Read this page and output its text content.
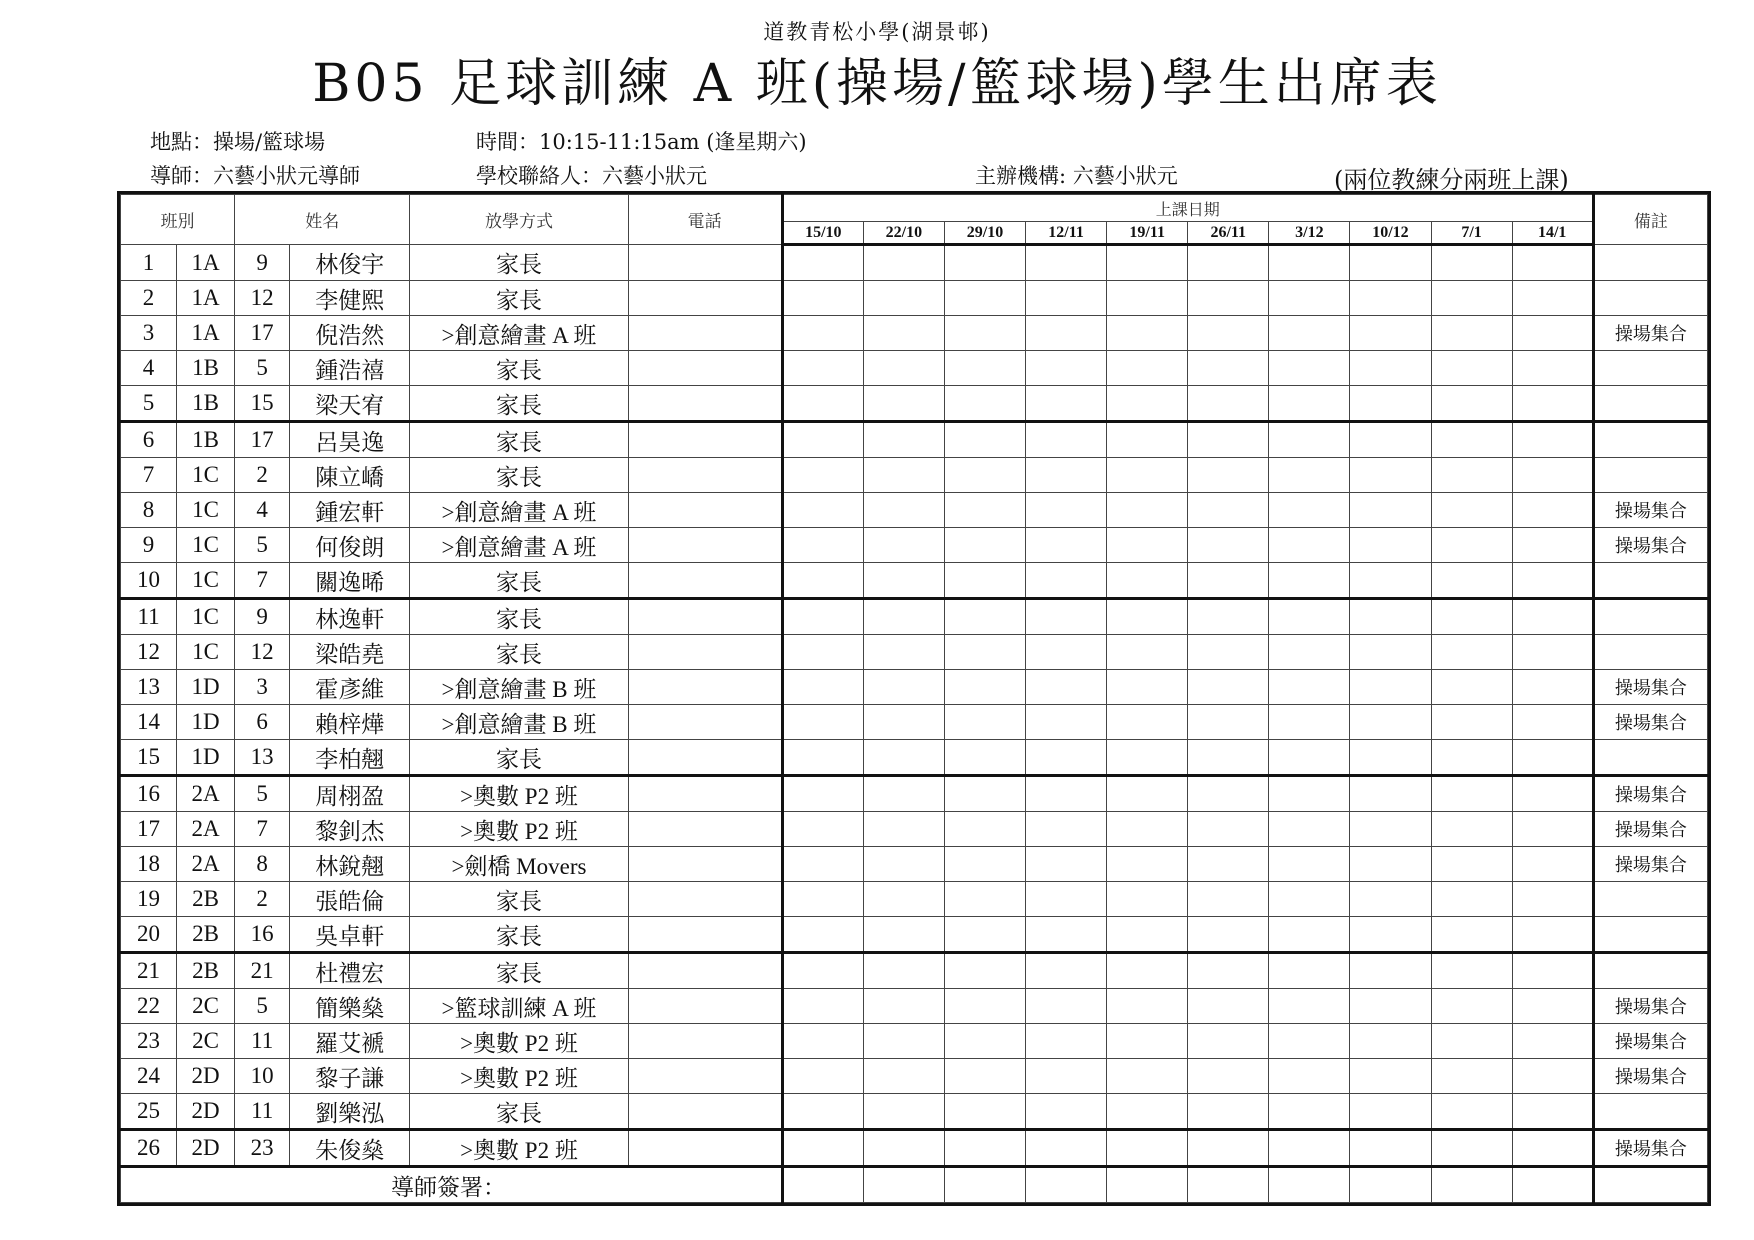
道教青松小學(湖景邨)
B05 足球訓練 A 班(操場/籃球場)學生出席表
地點：操場/籃球場	時間：10:15-11:15am (逢星期六)
導師：六藝小狀元導師	學校聯絡人：六藝小狀元	主辦機構: 六藝小狀元	(兩位教練分兩班上課)
班別		姓名		放學方式	電話	上課日期										備註
						15/10	22/10	29/10	12/11	19/11	26/11	3/12	10/12	7/1	14/1	
1	1A	9	林俊宇	家長												
2	1A	12	李健熙	家長												
3	1A	17	倪浩然	>創意繪畫 A 班												操場集合
4	1B	5	鍾浩禧	家長												
5	1B	15	梁天宥	家長												
6	1B	17	呂昊逸	家長												
7	1C	2	陳立嶠	家長												
8	1C	4	鍾宏軒	>創意繪畫 A 班												操場集合
9	1C	5	何俊朗	>創意繪畫 A 班												操場集合
10	1C	7	關逸晞	家長												
11	1C	9	林逸軒	家長												
12	1C	12	梁皓堯	家長												
13	1D	3	霍彥維	>創意繪畫 B 班												操場集合
14	1D	6	賴梓燁	>創意繪畫 B 班												操場集合
15	1D	13	李柏翹	家長												
16	2A	5	周栩盈	>奧數 P2 班												操場集合
17	2A	7	黎釗杰	>奧數 P2 班												操場集合
18	2A	8	林銳翹	>劍橋 Movers												操場集合
19	2B	2	張皓倫	家長												
20	2B	16	吳卓軒	家長												
21	2B	21	杜禮宏	家長												
22	2C	5	簡樂燊	>籃球訓練 A 班												操場集合
23	2C	11	羅艾褫	>奧數 P2 班												操場集合
24	2D	10	黎子謙	>奧數 P2 班												操場集合
25	2D	11	劉樂泓	家長												
26	2D	23	朱俊燊	>奧數 P2 班												操場集合
導師簽署：																
